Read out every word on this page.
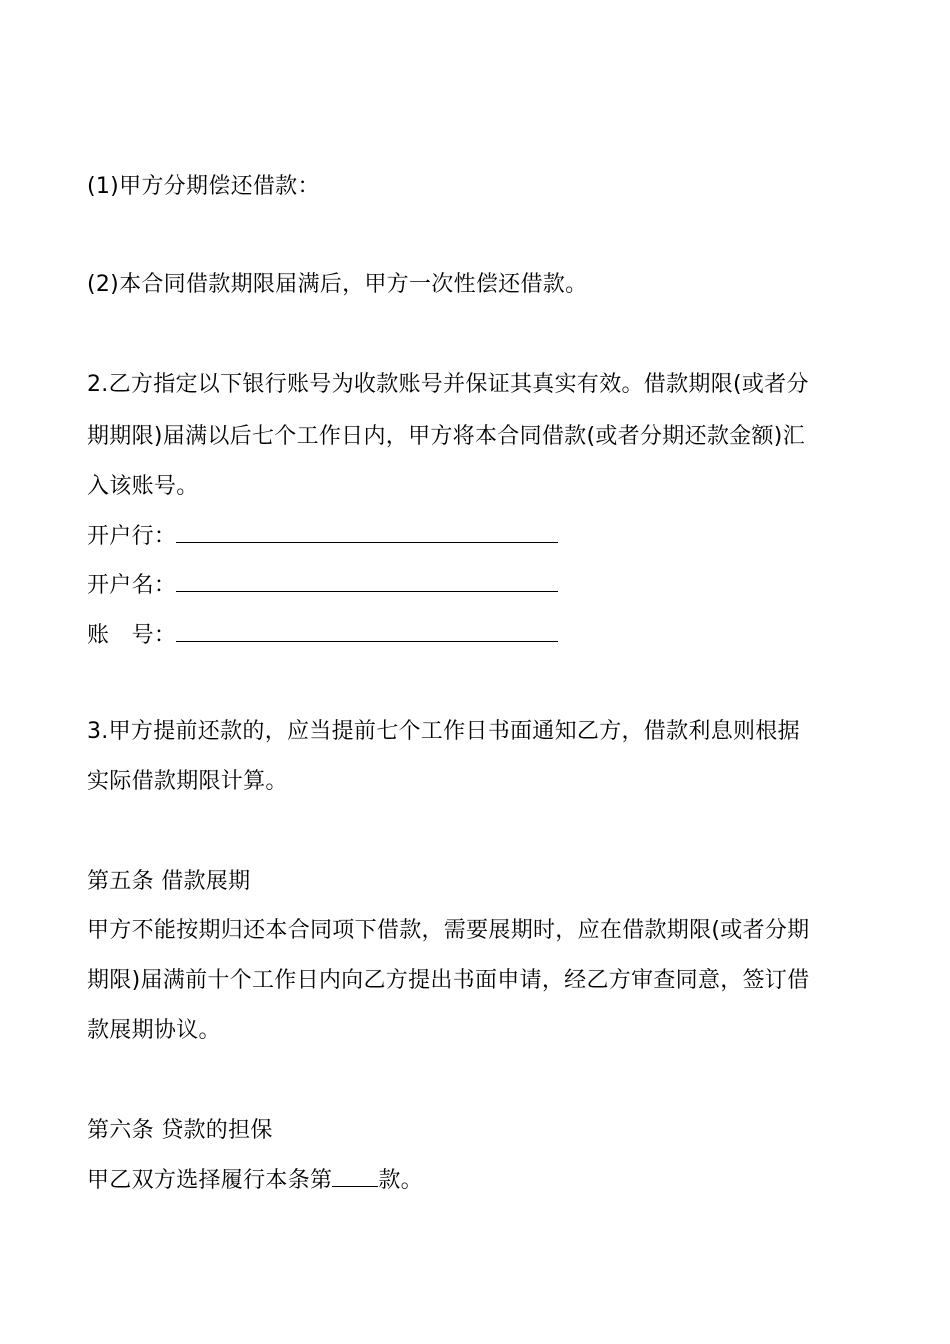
(1)甲方分期偿还借款：
(2)本合同借款期限届满后，甲方一次性偿还借款。
2.乙方指定以下银行账号为收款账号并保证其真实有效。借款期限(或者分
期期限)届满以后七个工作日内，甲方将本合同借款(或者分期还款金额)汇
入该账号。
开户行：
开户名：
账　号：
3.甲方提前还款的，应当提前七个工作日书面通知乙方，借款利息则根据
实际借款期限计算。
第五条 借款展期
甲方不能按期归还本合同项下借款，需要展期时，应在借款期限(或者分期
期限)届满前十个工作日内向乙方提出书面申请，经乙方审查同意，签订借
款展期协议。
第六条 贷款的担保
甲乙双方选择履行本条第 款。
